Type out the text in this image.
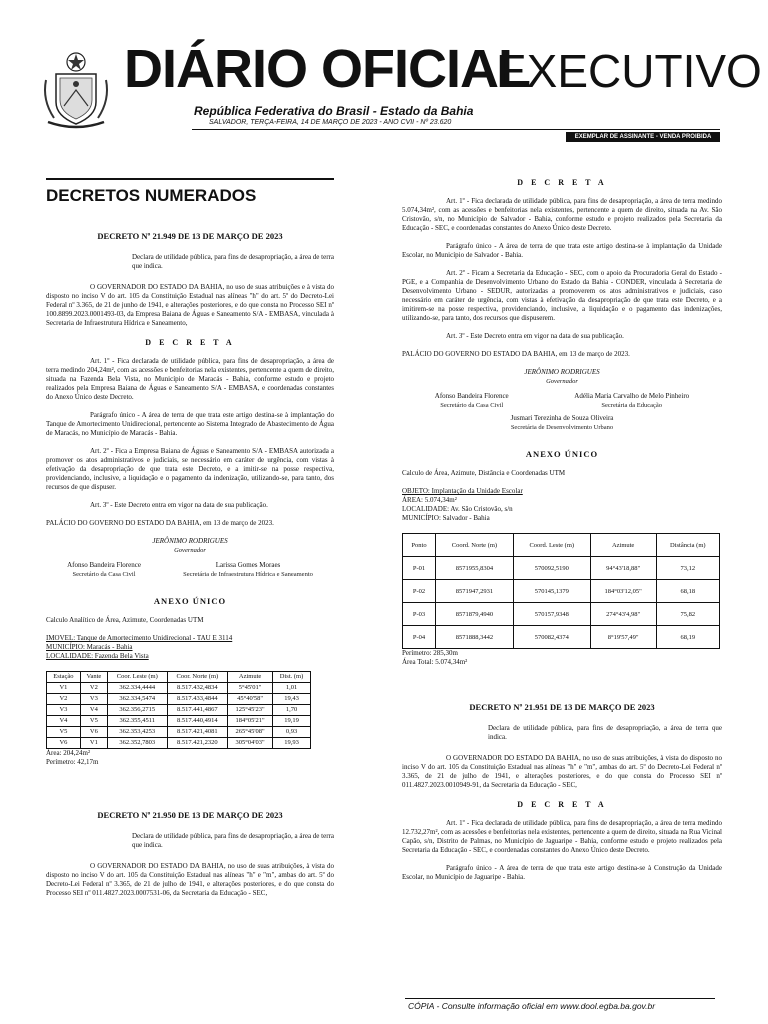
DIÁRIO OFICIAL
EXECUTIVO
República Federativa do Brasil - Estado da Bahia
SALVADOR, TERÇA-FEIRA, 14 DE MARÇO DE 2023 - ANO CVII - Nº 23.620
EXEMPLAR DE ASSINANTE - VENDA PROIBIDA
DECRETOS NUMERADOS
DECRETO Nº 21.949 DE 13 DE MARÇO DE 2023

Declara de utilidade pública, para fins de desapropriação, a área de terra que indica.

O GOVERNADOR DO ESTADO DA BAHIA, no uso de suas atribuições e à vista do disposto no inciso V do art. 105 da Constituição Estadual nas alíneas "h" do art. 5º do Decreto-Lei Federal nº 3.365, de 21 de junho de 1941, e alterações posteriores, e do que consta no Processo SEI nº 100.8899.2023.0001493-03, da Empresa Baiana de Águas e Saneamento S/A - EMBASA, vinculada à Secretaria de Infraestrutura Hídrica e Saneamento,

D E C R E T A

Art. 1º - Fica declarada de utilidade pública, para fins de desapropriação, a área de terra medindo 204,24m², com as acessões e benfeitorias nela existentes, pertencente a quem de direito, situada na Fazenda Bela Vista, no Município de Maracás - Bahia, conforme estudo e projeto realizados pela Empresa Baiana de Águas e Saneamento S/A - EMBASA, e coordenadas constantes do Anexo Único deste Decreto.

Parágrafo único - A área de terra de que trata este artigo destina-se à implantação do Tanque de Amortecimento Unidirecional, pertencente ao Sistema Integrado de Abastecimento de Água de Maracás, no Município de Maracás - Bahia.

Art. 2º - Fica a Empresa Baiana de Águas e Saneamento S/A - EMBASA autorizada a promover os atos administrativos e judiciais, se necessário em caráter de urgência, com vistas à efetivação da desapropriação de que trata este Decreto, e a imitir-se na posse respectiva, providenciando, inclusive, a liquidação e o pagamento da indenização, utilizando-se, para tanto, dos recursos de que dispuser.

Art. 3º - Este Decreto entra em vigor na data de sua publicação.

PALÁCIO DO GOVERNO DO ESTADO DA BAHIA, em 13 de março de 2023.

JERÔNIMO RODRIGUES
Governador
Afonso Bandeira Florence
Secretário da Casa Civil
Larissa Gomes Moraes
Secretária de Infraestrutura Hídrica e Saneamento
ANEXO ÚNICO

Calculo Analítico de Área, Azimute, Coordenadas UTM

IMOVEL: Tanque de Amortecimento Unidirecional - TAU E 3114
MUNICÍPIO: Maracás - Bahia
LOCALIDADE: Fazenda Bela Vista
Estação	Vante	Coor. Leste (m)	Coor. Norte (m)	Azimute	Dist. (m)
V1	V2	362.334,4444	8.517.432,4834	5°45'01"	1,01
V2	V3	362.334,5474	8.517.433,4844	45°40'58"	19,43
V3	V4	362.356,2715	8.517.441,4867	125°45'23"	1,70
V4	V5	362.355,4511	8.517.440,4914	184°05'21"	19,19
V5	V6	362.353,4253	8.517.421,4081	265°45'08"	0,93
V6	V1	362.352,7803	8.517.421,2320	305°04'03"	19,93
Área: 204,24m²
Perímetro: 42,17m
DECRETO Nº 21.950 DE 13 DE MARÇO DE 2023

Declara de utilidade pública, para fins de desapropriação, a área de terra que indica.

O GOVERNADOR DO ESTADO DA BAHIA, no uso de suas atribuições, à vista do disposto no inciso V do art. 105 da Constituição Estadual nas alíneas "h" e "m", ambas do art. 5º do Decreto-Lei Federal nº 3.365, de 21 de julho de 1941, e alterações posteriores, e do que consta do Processo SEI nº 011.4827.2023.0007531-06, da Secretaria da Educação - SEC,

D E C R E T A

Art. 1º - Fica declarada de utilidade pública, para fins de desapropriação, a área de terra medindo 5.074,34m², com as acessões e benfeitorias nela existentes, pertencente a quem de direito, situada na Av. São Cristovão, s/n, no Município de Salvador - Bahia, conforme estudo e projeto realizados pela Secretaria da Educação - SEC, e coordenadas constantes do Anexo Único deste Decreto.

Parágrafo único - A área de terra de que trata este artigo destina-se à implantação da Unidade Escolar, no Município de Salvador - Bahia.

Art. 2º - Ficam a Secretaria da Educação - SEC, com o apoio da Procuradoria Geral do Estado - PGE, e a Companhia de Desenvolvimento Urbano do Estado da Bahia - CONDER, vinculada à Secretaria de Desenvolvimento Urbano - SEDUR, autorizadas a promoverem os atos administrativos e judiciais, caso necessário em caráter de urgência, com vistas à efetivação da desapropriação de que trata este Decreto, e a imitirem-se na posse respectiva, providenciando, inclusive, a liquidação e o pagamento das indenizações, utilizando-se, para tanto, dos recursos que dispuserem.

Art. 3º - Este Decreto entra em vigor na data de sua publicação.

PALÁCIO DO GOVERNO DO ESTADO DA BAHIA, em 13 de março de 2023.

JERÔNIMO RODRIGUES
Governador
Afonso Bandeira Florence
Secretário da Casa Civil
Adélia Maria Carvalho de Melo Pinheiro
Secretária da Educação
Jusmari Terezinha de Souza Oliveira
Secretária de Desenvolvimento Urbano
ANEXO ÚNICO

Calculo de Área, Azimute, Distância e Coordenadas UTM

OBJETO: Implantação da Unidade Escolar
ÁREA: 5.074,34m²
LOCALIDADE: Av. São Cristovão, s/n
MUNICÍPIO: Salvador - Bahia
Ponto	Coord. Norte (m)	Coord. Leste (m)	Azimute	Distância (m)
P-01	8571955,8304	570092,5190	94°43'18,88"	73,12
P-02	8571947,2931	570145,1379	184°03'12,05"	68,18
P-03	8571879,4940	570157,9348	274°43'4,98"	75,82
P-04	8571888,3442	570082,4374	8°19'57,49"	68,19
Perímetro: 285,30m
Área Total: 5.074,34m²
DECRETO Nº 21.951 DE 13 DE MARÇO DE 2023

Declara de utilidade pública, para fins de desapropriação, a área de terra que indica.

O GOVERNADOR DO ESTADO DA BAHIA, no uso de suas atribuições, à vista do disposto no inciso V do art. 105 da Constituição Estadual nas alíneas "h" e "m", ambas do art. 5º do Decreto-Lei Federal nº 3.365, de 21 de julho de 1941, e alterações posteriores, e do que consta do Processo SEI nº 011.4827.2023.0010949-91, da Secretaria da Educação - SEC,

D E C R E T A

Art. 1º - Fica declarada de utilidade pública, para fins de desapropriação, a área de terra medindo 12.732,27m², com as acessões e benfeitorias nela existentes, pertencente a quem de direito, situada na Rua Vicinal Capão, s/n, Distrito de Palmas, no Município de Jaguaripe - Bahia, conforme estudo e projeto realizados pela Secretaria da Educação - SEC, e coordenadas constantes do Anexo Único deste Decreto.

Parágrafo único - A área de terra de que trata este artigo destina-se à Construção da Unidade Escolar, no Município de Jaguaripe - Bahia.

CÓPIA - Consulte informação oficial em www.dool.egba.ba.gov.br
